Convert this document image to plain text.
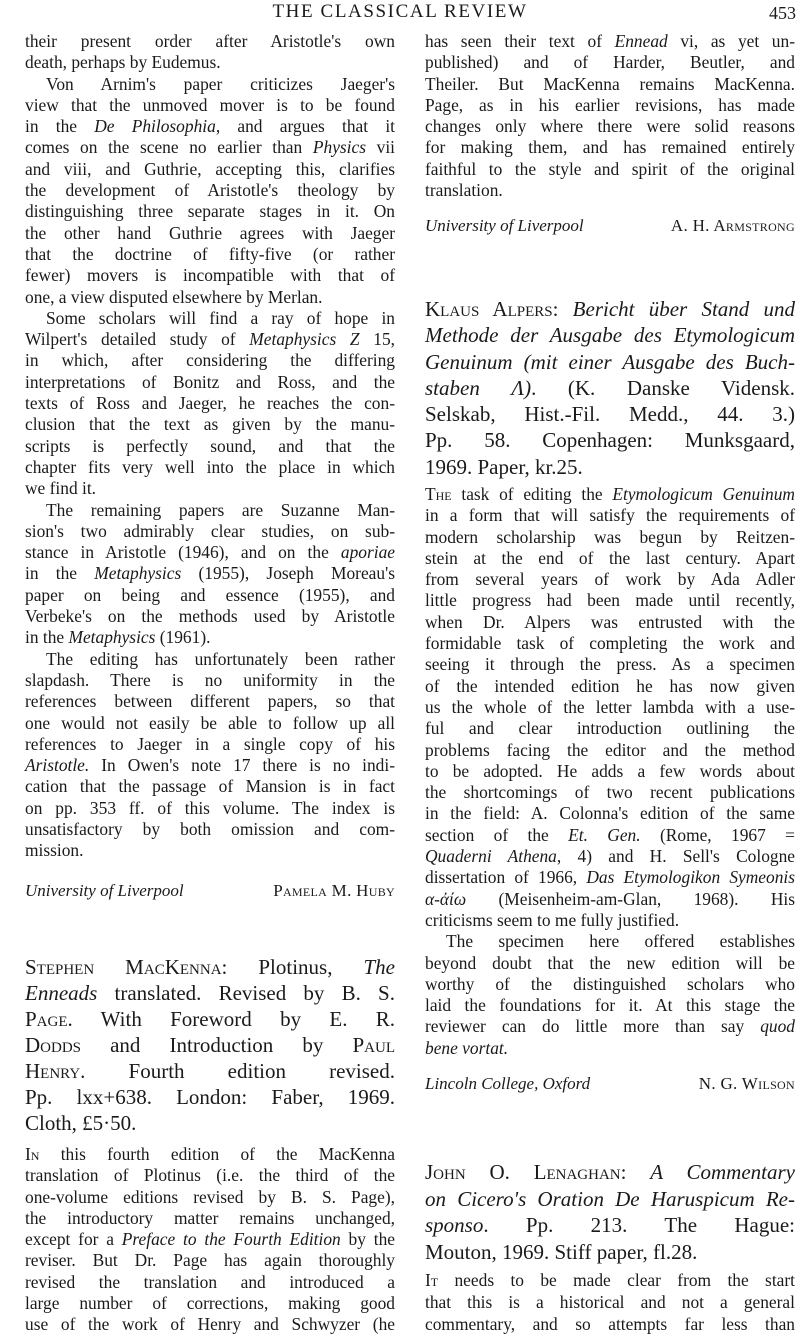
THE CLASSICAL REVIEW	453
their present order after Aristotle's own
death, perhaps by Eudemus.
Von Arnim's paper criticizes Jaeger's
view that the unmoved mover is to be found
in the De Philosophia, and argues that it
comes on the scene no earlier than Physics vii
and viii, and Guthrie, accepting this, clarifies
the development of Aristotle's theology by
distinguishing three separate stages in it. On
the other hand Guthrie agrees with Jaeger
that the doctrine of fifty-five (or rather
fewer) movers is incompatible with that of
one, a view disputed elsewhere by Merlan.
Some scholars will find a ray of hope in
Wilpert's detailed study of Metaphysics Z 15,
in which, after considering the differing
interpretations of Bonitz and Ross, and the
texts of Ross and Jaeger, he reaches the con-
clusion that the text as given by the manu-
scripts is perfectly sound, and that the
chapter fits very well into the place in which
we find it.
The remaining papers are Suzanne Man-
sion's two admirably clear studies, on sub-
stance in Aristotle (1946), and on the aporiae
in the Metaphysics (1955), Joseph Moreau's
paper on being and essence (1955), and
Verbeke's on the methods used by Aristotle
in the Metaphysics (1961).
The editing has unfortunately been rather
slapdash. There is no uniformity in the
references between different papers, so that
one would not easily be able to follow up all
references to Jaeger in a single copy of his
Aristotle. In Owen's note 17 there is no indi-
cation that the passage of Mansion is in fact
on pp. 353 ff. of this volume. The index is
unsatisfactory by both omission and com-
mission.
University of Liverpool	Pamela M. Huby
Stephen MacKenna: Plotinus, The
Enneads translated. Revised by B. S.
Page. With Foreword by E. R.
Dodds and Introduction by Paul
Henry. Fourth edition revised.
Pp. lxx+638. London: Faber, 1969.
Cloth, £5·50.
In this fourth edition of the MacKenna
translation of Plotinus (i.e. the third of the
one-volume editions revised by B. S. Page),
the introductory matter remains unchanged,
except for a Preface to the Fourth Edition by the
reviser. But Dr. Page has again thoroughly
revised the translation and introduced a
large number of corrections, making good
use of the work of Henry and Schwyzer (he
has seen their text of Ennead vi, as yet un-
published) and of Harder, Beutler, and
Theiler. But MacKenna remains MacKenna.
Page, as in his earlier revisions, has made
changes only where there were solid reasons
for making them, and has remained entirely
faithful to the style and spirit of the original
translation.
University of Liverpool	A. H. Armstrong
Klaus Alpers: Bericht über Stand und
Methode der Ausgabe des Etymologicum
Genuinum (mit einer Ausgabe des Buch-
staben Λ). (K. Danske Vidensk.
Selskab, Hist.-Fil. Medd., 44. 3.)
Pp. 58. Copenhagen: Munksgaard,
1969. Paper, kr.25.
The task of editing the Etymologicum Genuinum
in a form that will satisfy the requirements of
modern scholarship was begun by Reitzen-
stein at the end of the last century. Apart
from several years of work by Ada Adler
little progress had been made until recently,
when Dr. Alpers was entrusted with the
formidable task of completing the work and
seeing it through the press. As a specimen
of the intended edition he has now given
us the whole of the letter lambda with a use-
ful and clear introduction outlining the
problems facing the editor and the method
to be adopted. He adds a few words about
the shortcomings of two recent publications
in the field: A. Colonna's edition of the same
section of the Et. Gen. (Rome, 1967 =
Quaderni Athena, 4) and H. Sell's Cologne
dissertation of 1966, Das Etymologikon Symeonis
α-ἀίω (Meisenheim-am-Glan, 1968). His
criticisms seem to me fully justified.
The specimen here offered establishes
beyond doubt that the new edition will be
worthy of the distinguished scholars who
laid the foundations for it. At this stage the
reviewer can do little more than say quod
bene vortat.
Lincoln College, Oxford	N. G. Wilson
John O. Lenaghan: A Commentary
on Cicero's Oration De Haruspicum Re-
sponso. Pp. 213. The Hague:
Mouton, 1969. Stiff paper, fl.28.
It needs to be made clear from the start
that this is a historical and not a general
commentary, and so attempts far less than
